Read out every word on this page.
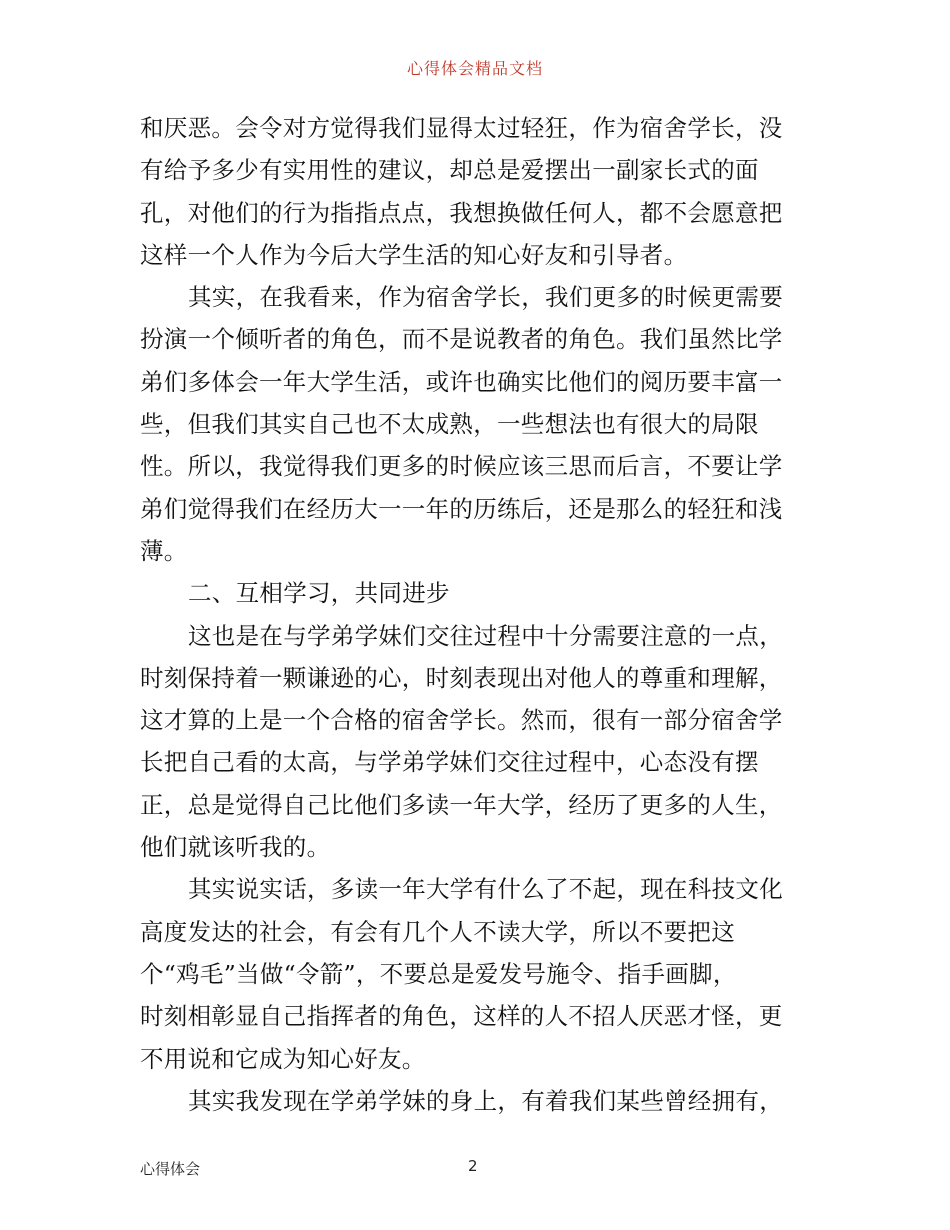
心得体会精品文档
和厌恶。会令对方觉得我们显得太过轻狂，作为宿舍学长，没
有给予多少有实用性的建议，却总是爱摆出一副家长式的面
孔，对他们的行为指指点点，我想换做任何人，都不会愿意把
这样一个人作为今后大学生活的知心好友和引导者。
其实，在我看来，作为宿舍学长，我们更多的时候更需要
扮演一个倾听者的角色，而不是说教者的角色。我们虽然比学
弟们多体会一年大学生活，或许也确实比他们的阅历要丰富一
些，但我们其实自己也不太成熟，一些想法也有很大的局限
性。所以，我觉得我们更多的时候应该三思而后言，不要让学
弟们觉得我们在经历大一一年的历练后，还是那么的轻狂和浅
薄。
二、互相学习，共同进步
这也是在与学弟学妹们交往过程中十分需要注意的一点，
时刻保持着一颗谦逊的心，时刻表现出对他人的尊重和理解，
这才算的上是一个合格的宿舍学长。然而，很有一部分宿舍学
长把自己看的太高，与学弟学妹们交往过程中，心态没有摆
正，总是觉得自己比他们多读一年大学，经历了更多的人生，
他们就该听我的。
其实说实话，多读一年大学有什么了不起，现在科技文化
高度发达的社会，有会有几个人不读大学，所以不要把这
个“鸡毛”当做“令箭”，不要总是爱发号施令、指手画脚，
时刻相彰显自己指挥者的角色，这样的人不招人厌恶才怪，更
不用说和它成为知心好友。
其实我发现在学弟学妹的身上，有着我们某些曾经拥有，
心得体会	2
